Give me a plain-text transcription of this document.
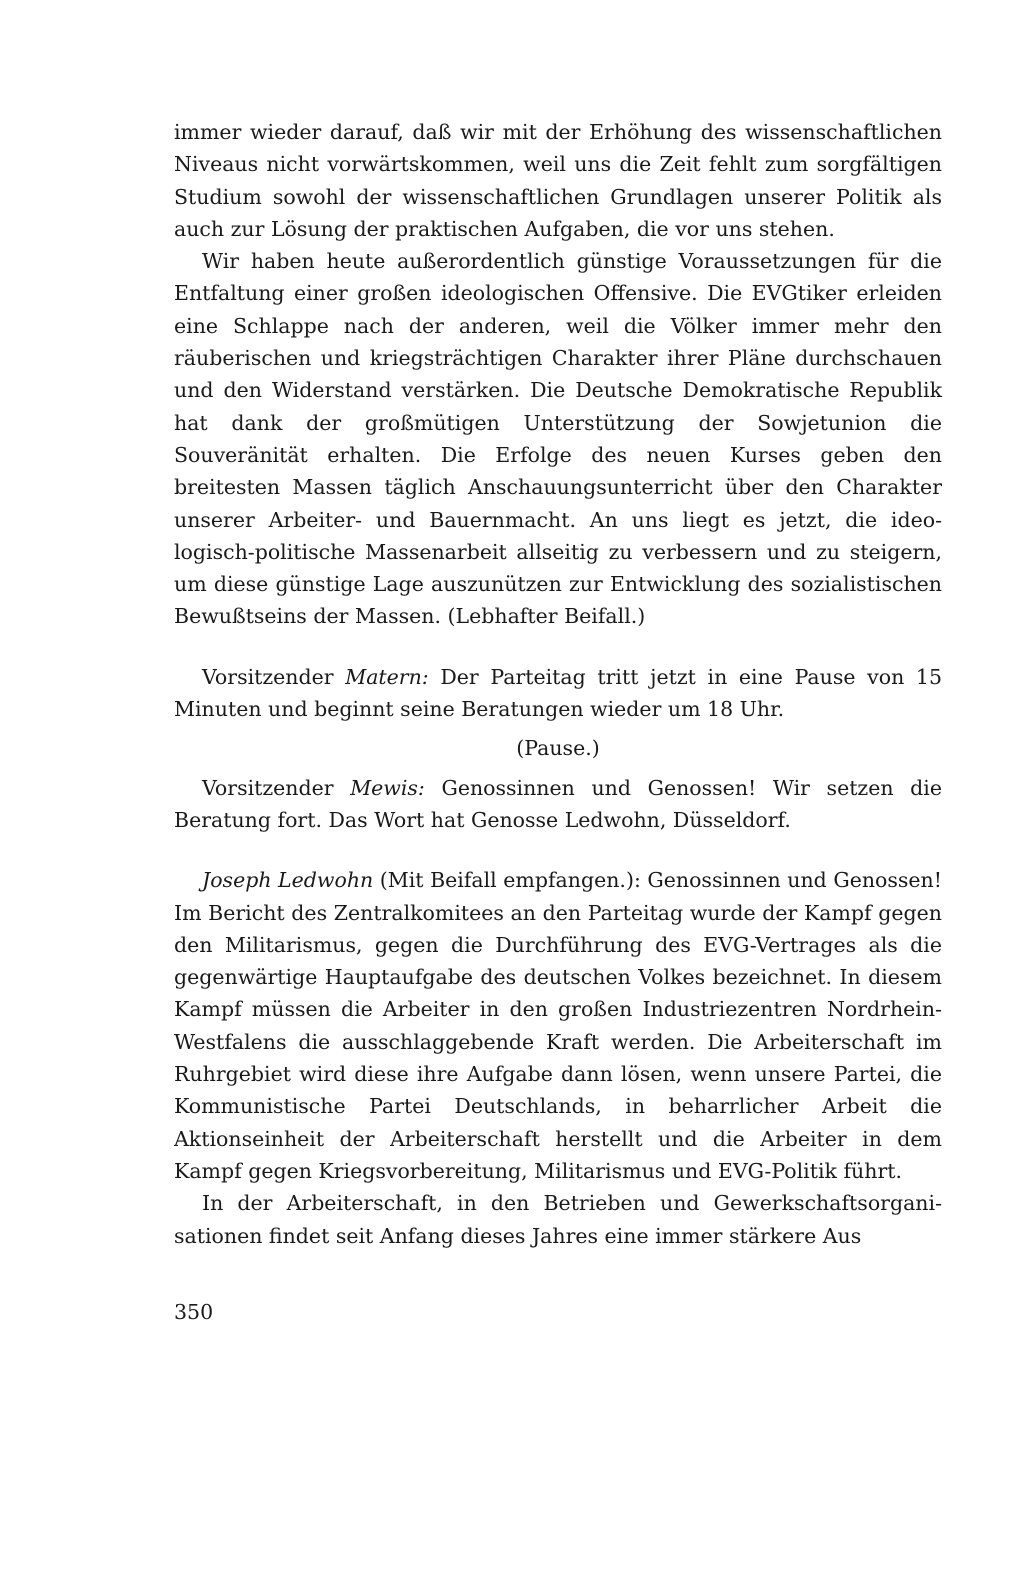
immer wieder darauf, daß wir mit der Erhöhung des wissenschaftlichen Niveaus nicht vorwärtskommen, weil uns die Zeit fehlt zum sorgfältigen Studium sowohl der wissenschaftlichen Grundlagen unserer Politik als auch zur Lösung der praktischen Aufgaben, die vor uns stehen.

Wir haben heute außerordentlich günstige Voraussetzungen für die Entfaltung einer großen ideologischen Offensive. Die EVGtiker erleiden eine Schlappe nach der anderen, weil die Völker immer mehr den räuberischen und kriegsträchtigen Charakter ihrer Pläne durchschauen und den Widerstand verstärken. Die Deutsche Demokratische Republik hat dank der großmütigen Unterstützung der Sowjetunion die Souveränität erhalten. Die Erfolge des neuen Kurses geben den breitesten Massen täglich Anschauungsunterricht über den Charakter unserer Arbeiter- und Bauernmacht. An uns liegt es jetzt, die ideologisch-politische Massenarbeit allseitig zu verbessern und zu steigern, um diese günstige Lage auszunützen zur Entwicklung des sozialistischen Bewußtseins der Massen. (Lebhafter Beifall.)

Vorsitzender Matern: Der Parteitag tritt jetzt in eine Pause von 15 Minuten und beginnt seine Beratungen wieder um 18 Uhr.

(Pause.)

Vorsitzender Mewis: Genossinnen und Genossen! Wir setzen die Beratung fort. Das Wort hat Genosse Ledwohn, Düsseldorf.

Joseph Ledwohn (Mit Beifall empfangen.): Genossinnen und Genossen! Im Bericht des Zentralkomitees an den Parteitag wurde der Kampf gegen den Militarismus, gegen die Durchführung des EVG-Vertrages als die gegenwärtige Hauptaufgabe des deutschen Volkes bezeichnet. In diesem Kampf müssen die Arbeiter in den großen Industriezentren Nordrhein-Westfalens die ausschlaggebende Kraft werden. Die Arbeiterschaft im Ruhrgebiet wird diese ihre Aufgabe dann lösen, wenn unsere Partei, die Kommunistische Partei Deutschlands, in beharrlicher Arbeit die Aktionseinheit der Arbeiterschaft herstellt und die Arbeiter in dem Kampf gegen Kriegsvorbereitung, Militarismus und EVG-Politik führt.

In der Arbeiterschaft, in den Betrieben und Gewerkschaftsorganisationen findet seit Anfang dieses Jahres eine immer stärkere Aus

350
